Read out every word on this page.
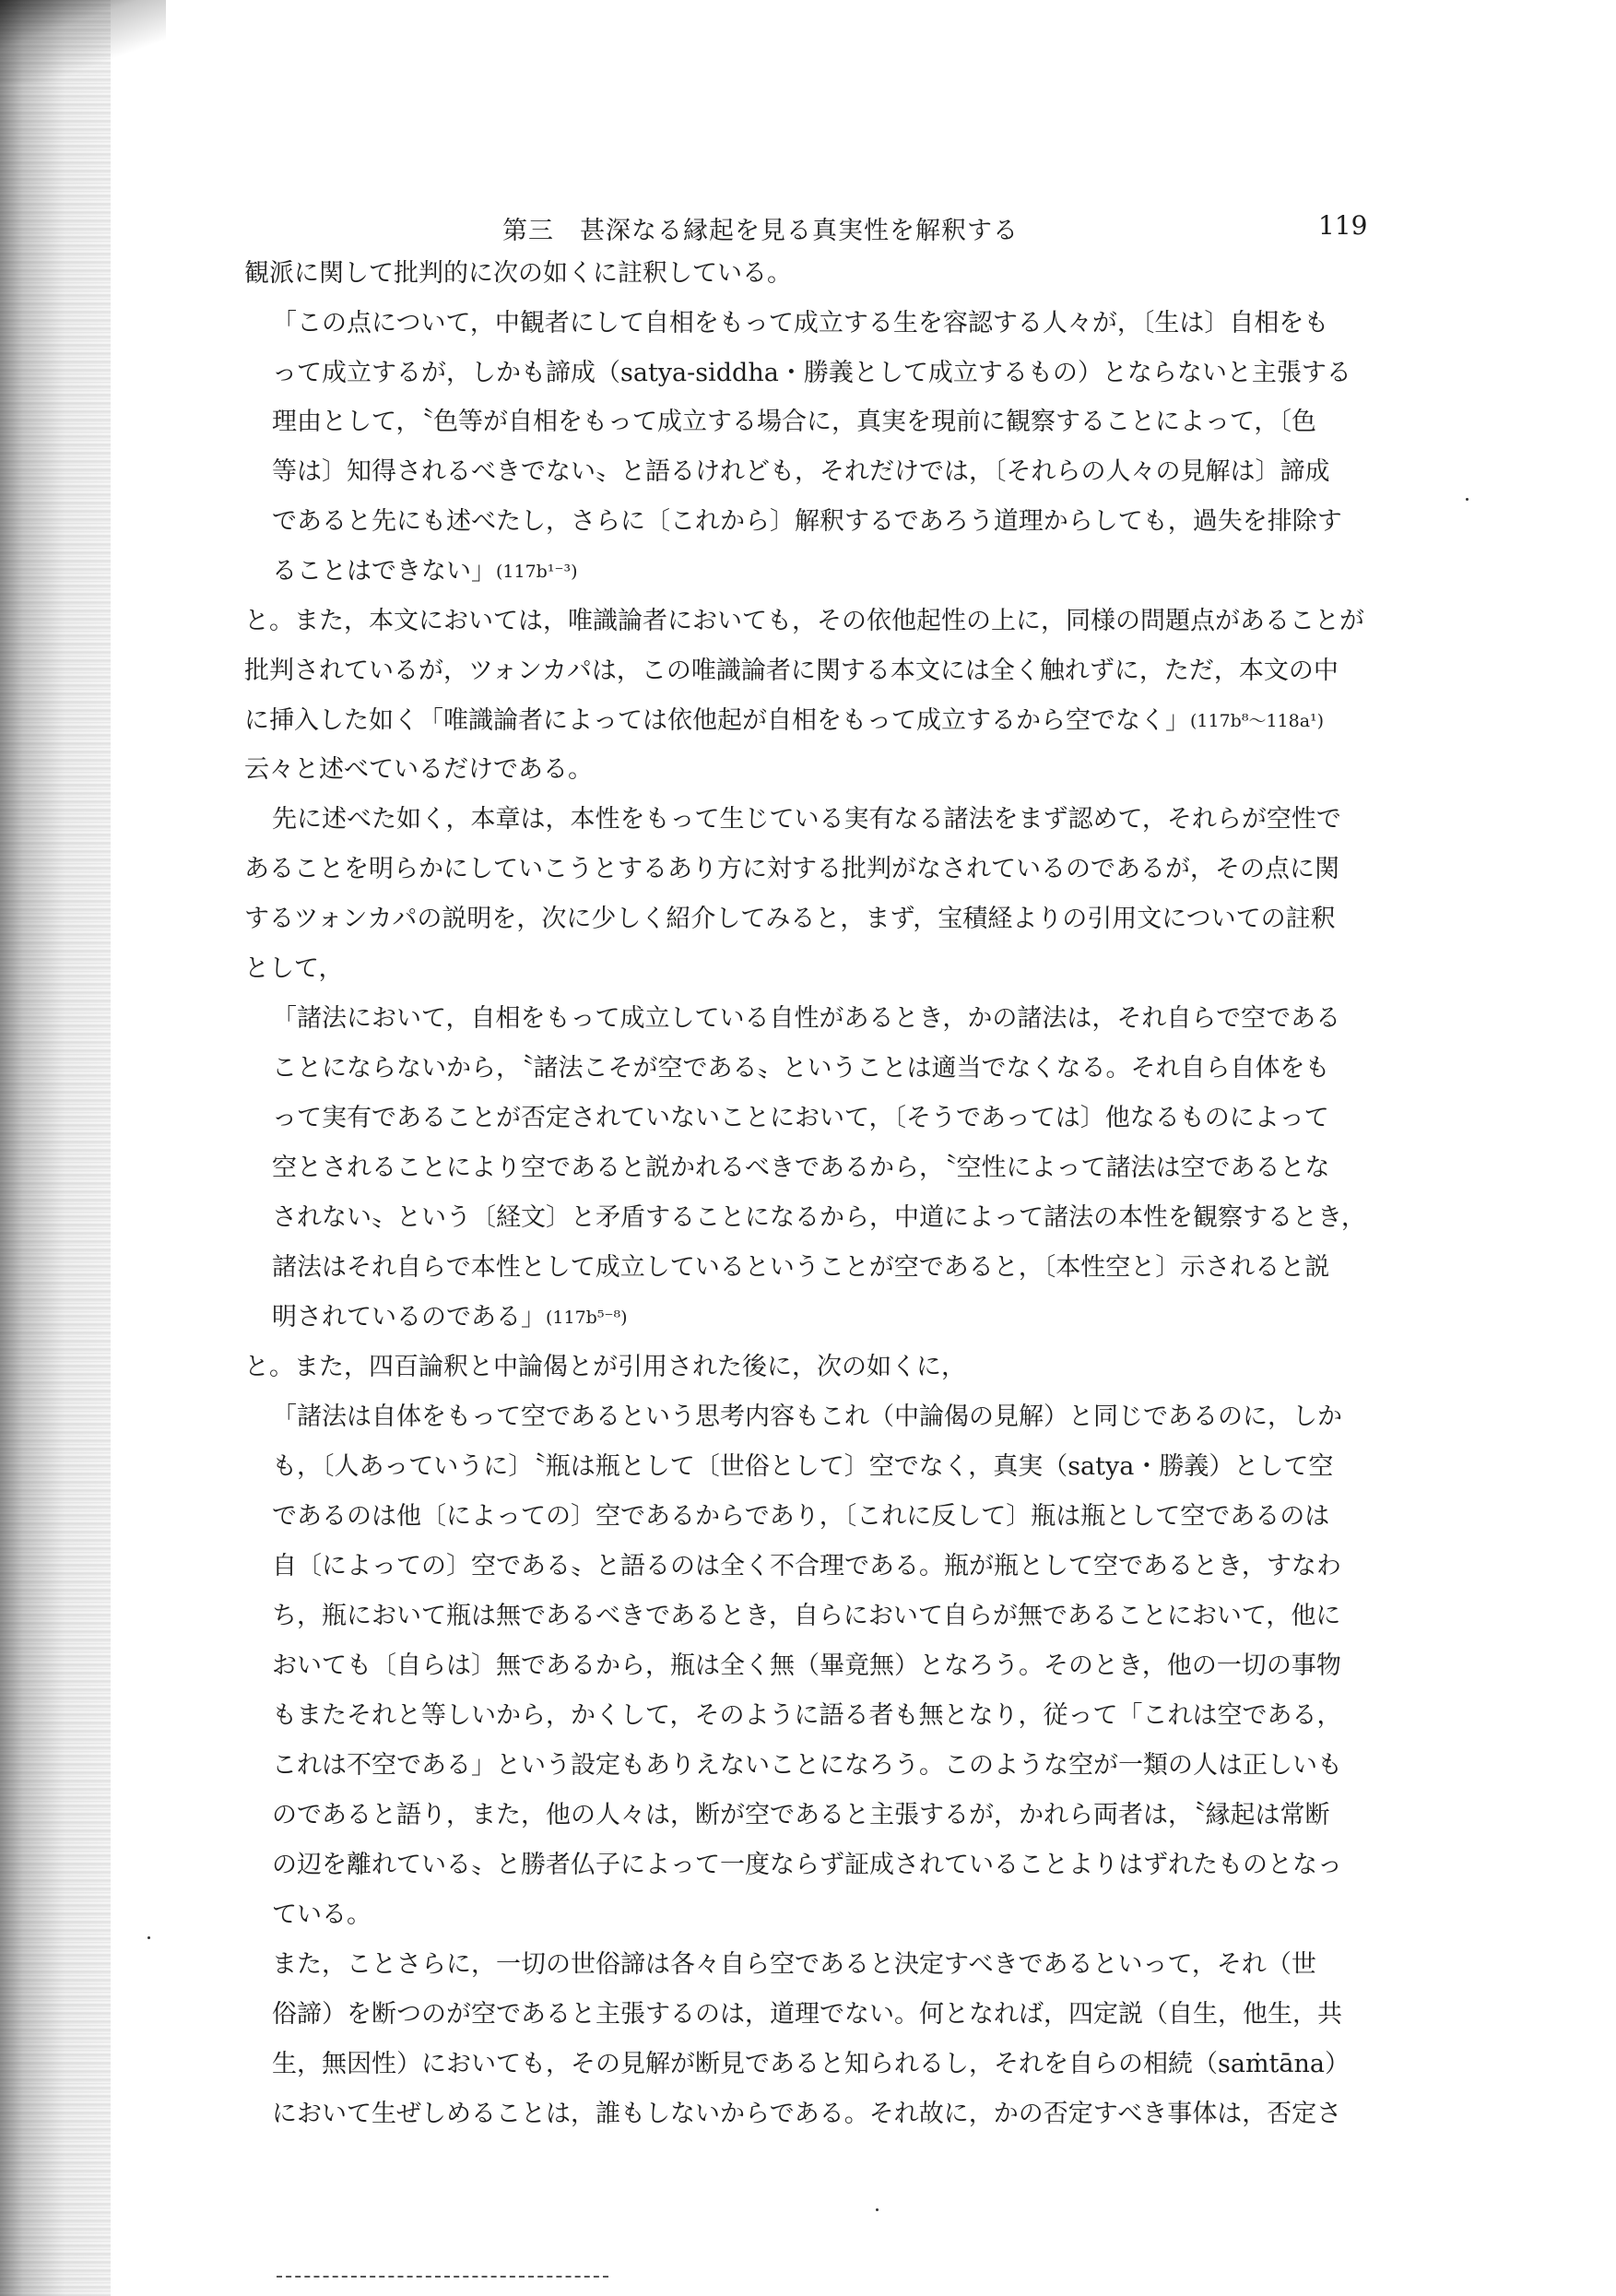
第三　甚深なる縁起を見る真実性を解釈する	119
観派に関して批判的に次の如くに註釈している。
「この点について，中観者にして自相をもって成立する生を容認する人々が，〔生は〕自相をも
って成立するが，しかも諦成（satya-siddha・勝義として成立するもの）とならないと主張する
理由として，〝色等が自相をもって成立する場合に，真実を現前に観察することによって，〔色
等は〕知得されるべきでない〟と語るけれども，それだけでは，〔それらの人々の見解は〕諦成
であると先にも述べたし，さらに〔これから〕解釈するであろう道理からしても，過失を排除す
ることはできない」(117b¹⁻³)
と。また，本文においては，唯識論者においても，その依他起性の上に，同様の問題点があることが
批判されているが，ツォンカパは，この唯識論者に関する本文には全く触れずに，ただ，本文の中
に挿入した如く「唯識論者によっては依他起が自相をもって成立するから空でなく」(117b⁸〜118a¹)
云々と述べているだけである。
先に述べた如く，本章は，本性をもって生じている実有なる諸法をまず認めて，それらが空性で
あることを明らかにしていこうとするあり方に対する批判がなされているのであるが，その点に関
するツォンカパの説明を，次に少しく紹介してみると，まず，宝積経よりの引用文についての註釈
として，
「諸法において，自相をもって成立している自性があるとき，かの諸法は，それ自らで空である
ことにならないから，〝諸法こそが空である〟ということは適当でなくなる。それ自ら自体をも
って実有であることが否定されていないことにおいて，〔そうであっては〕他なるものによって
空とされることにより空であると説かれるべきであるから，〝空性によって諸法は空であるとな
されない〟という〔経文〕と矛盾することになるから，中道によって諸法の本性を観察するとき，
諸法はそれ自らで本性として成立しているということが空であると，〔本性空と〕示されると説
明されているのである」(117b⁵⁻⁸)
と。また，四百論釈と中論偈とが引用された後に，次の如くに，
「諸法は自体をもって空であるという思考内容もこれ（中論偈の見解）と同じであるのに，しか
も，〔人あっていうに〕〝瓶は瓶として〔世俗として〕空でなく，真実（satya・勝義）として空
であるのは他〔によっての〕空であるからであり，〔これに反して〕瓶は瓶として空であるのは
自〔によっての〕空である〟と語るのは全く不合理である。瓶が瓶として空であるとき，すなわ
ち，瓶において瓶は無であるべきであるとき，自らにおいて自らが無であることにおいて，他に
おいても〔自らは〕無であるから，瓶は全く無（畢竟無）となろう。そのとき，他の一切の事物
もまたそれと等しいから，かくして，そのように語る者も無となり，従って「これは空である，
これは不空である」という設定もありえないことになろう。このような空が一類の人は正しいも
のであると語り，また，他の人々は，断が空であると主張するが，かれら両者は，〝縁起は常断
の辺を離れている〟と勝者仏子によって一度ならず証成されていることよりはずれたものとなっ
ている。
また，ことさらに，一切の世俗諦は各々自ら空であると決定すべきであるといって，それ（世
俗諦）を断つのが空であると主張するのは，道理でない。何となれば，四定説（自生，他生，共
生，無因性）においても，その見解が断見であると知られるし，それを自らの相続（saṁtāna）
において生ぜしめることは，誰もしないからである。それ故に，かの否定すべき事体は，否定さ
